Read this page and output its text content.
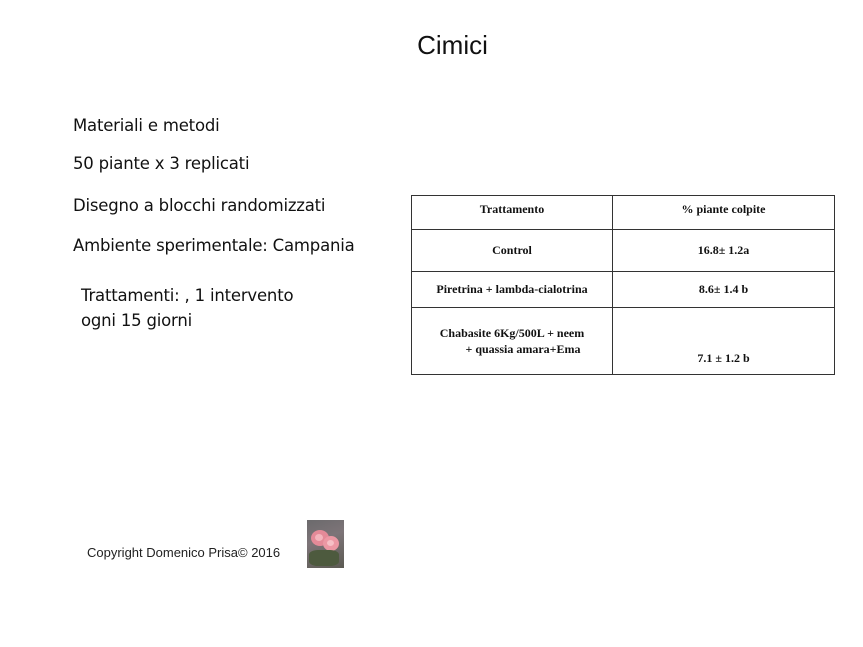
Cimici
Materiali e metodi
50 piante x 3 replicati
Disegno a blocchi randomizzati
Ambiente sperimentale: Campania
Trattamenti: , 1 intervento
ogni 15 giorni
Trattamento	% piante colpite
Control	16.8± 1.2a
Piretrina + lambda-cialotrina	8.6± 1.4 b

Chabasite 6Kg/500L + neem
+ quassia amara+Ema	7.1 ± 1.2 b
Copyright Domenico Prisa© 2016
